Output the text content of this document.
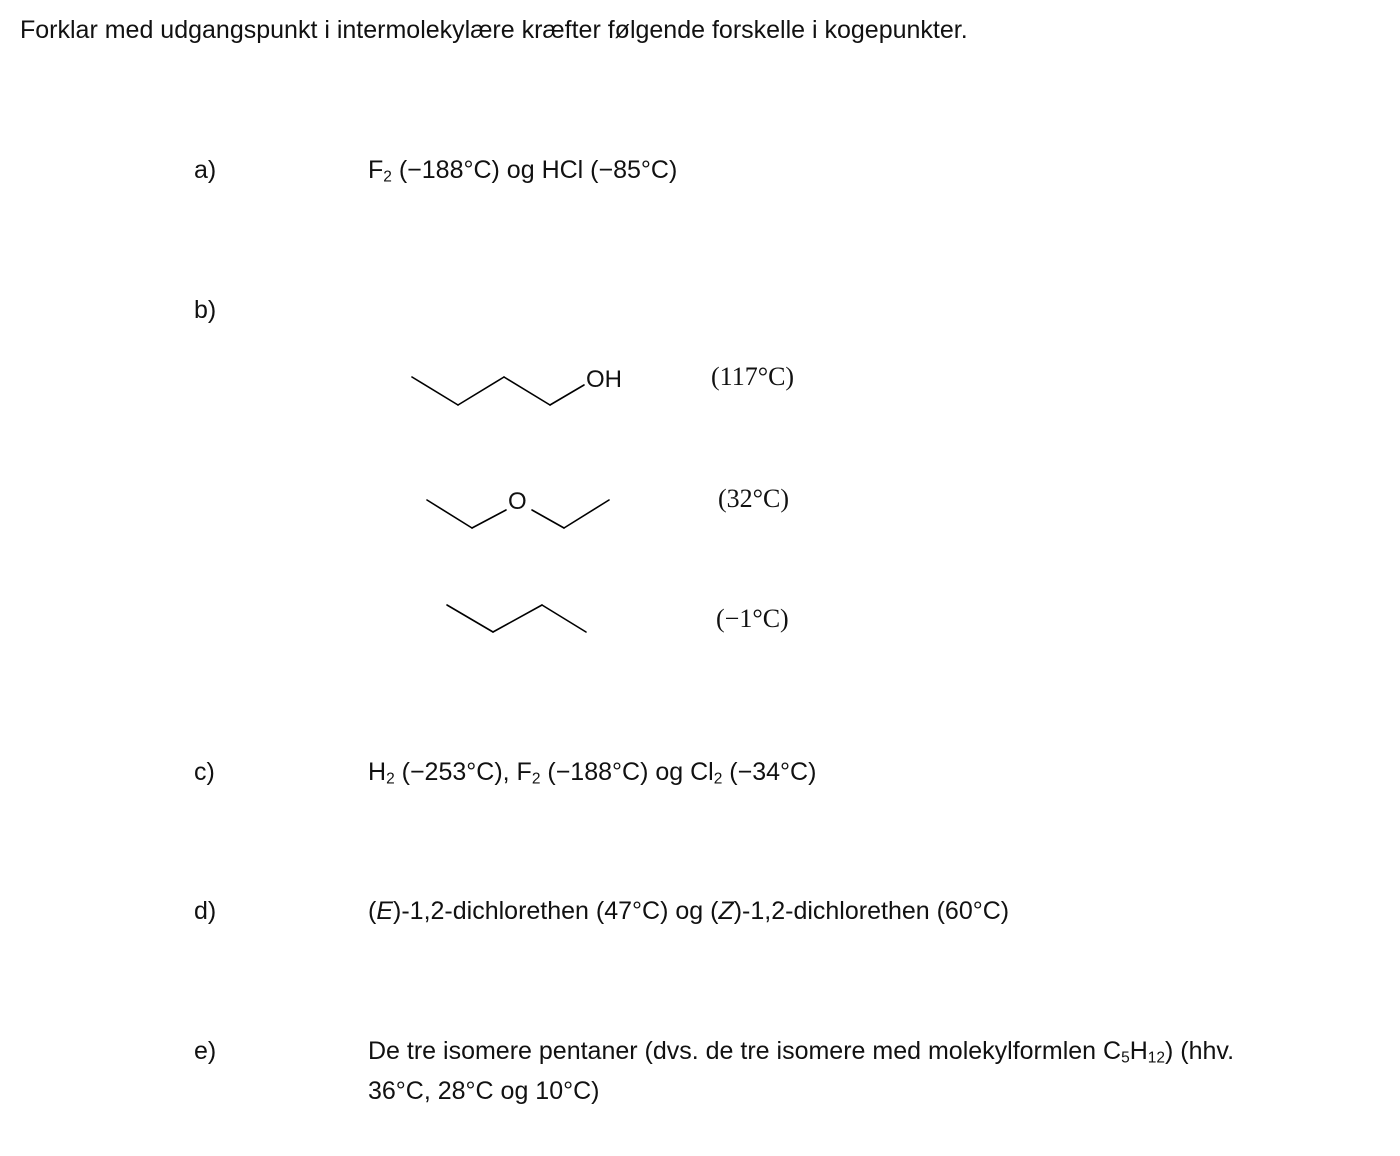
Forklar med udgangspunkt i intermolekylære kræfter følgende forskelle i kogepunkter.
a)	$F_2$ (−188°C) og HCl (−85°C)
b)
OH	(117°C)
O	(32°C)
(−1°C)
c)	$H_2$ (−253°C), $F_2$ (−188°C) og $Cl_2$ (−34°C)
d)	(E)-1,2-dichlorethen (47°C) og (Z)-1,2-dichlorethen (60°C)
e)	De tre isomere pentaner (dvs. de tre isomere med molekylformlen $C_5H_{12}$) (hhv.
36°C, 28°C og 10°C)
